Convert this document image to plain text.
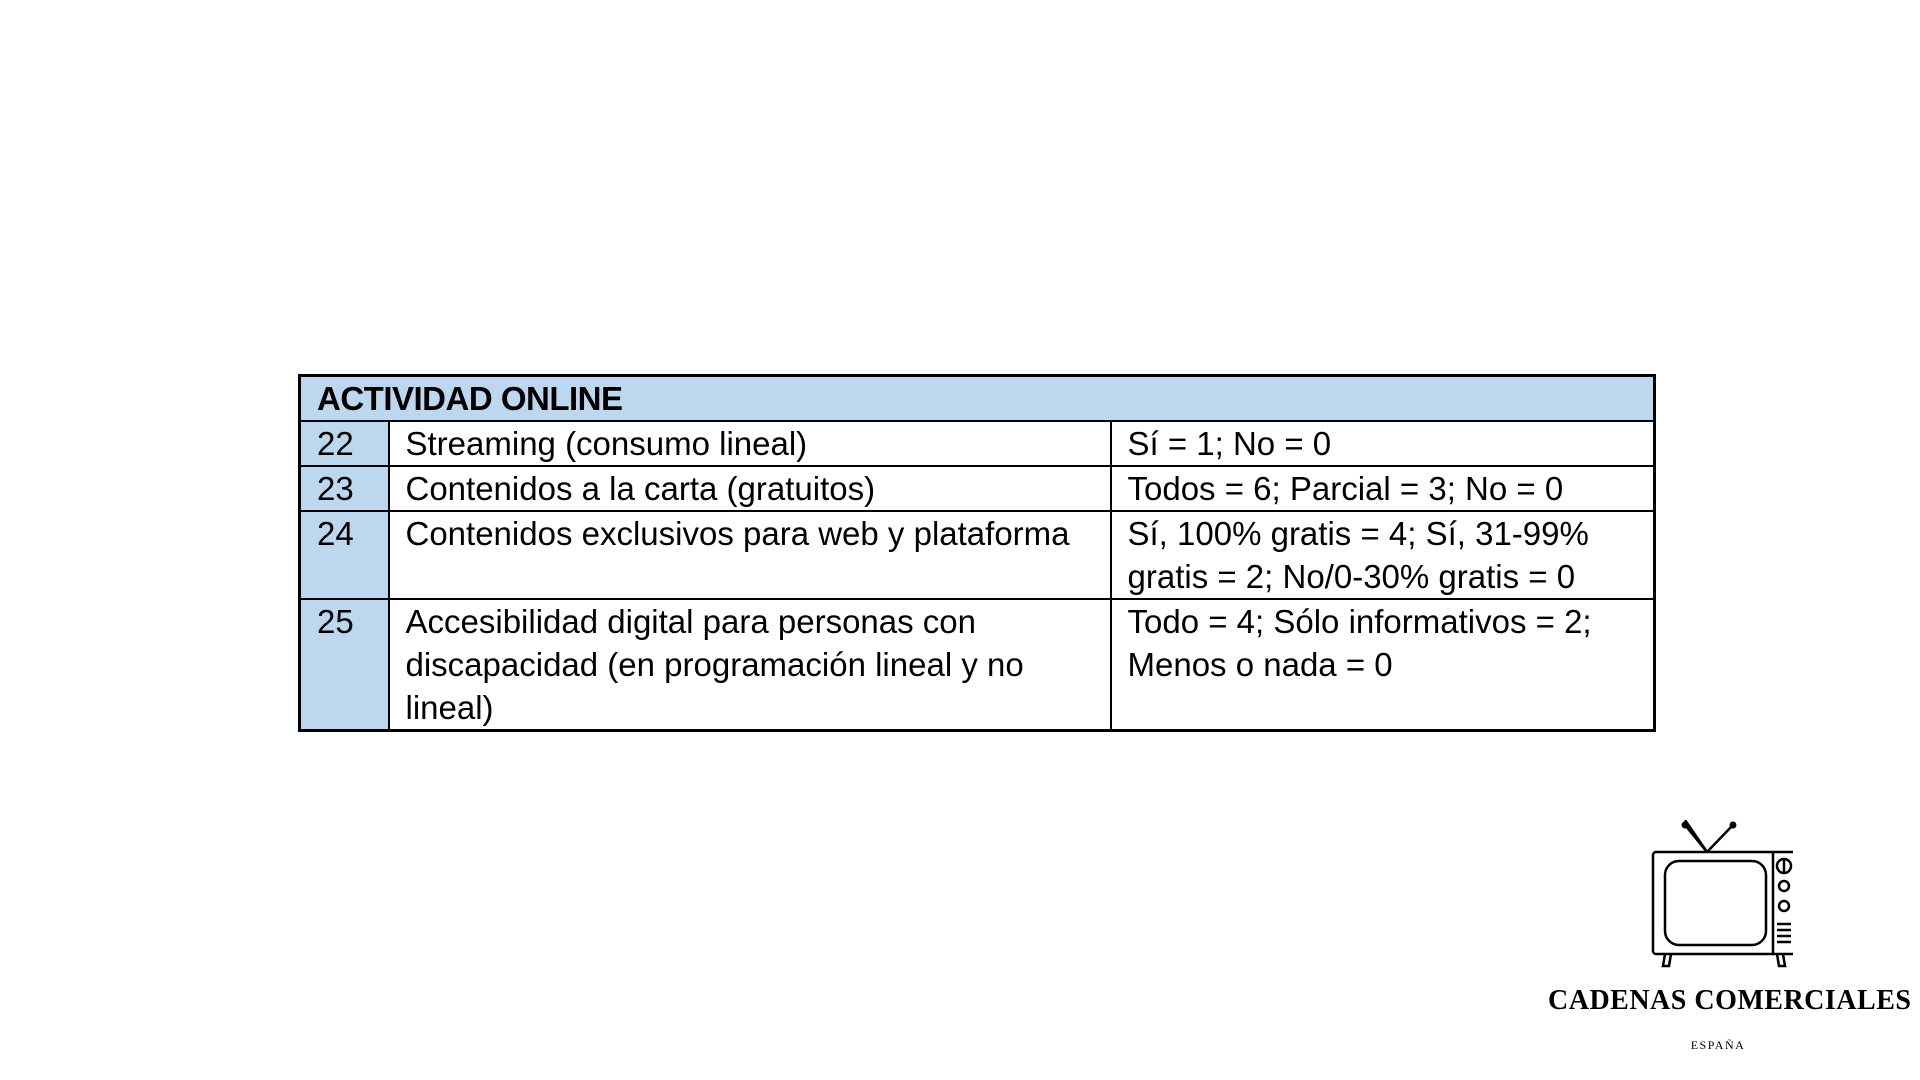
ACTIVIDAD ONLINE		
22	Streaming (consumo lineal)	Sí = 1; No = 0
23	Contenidos a la carta (gratuitos)	Todos = 6; Parcial = 3; No = 0
24	Contenidos exclusivos para web y plataforma	Sí, 100% gratis = 4; Sí, 31-99% gratis = 2; No/0-30% gratis = 0
25	Accesibilidad digital para personas con discapacidad (en programación lineal y no lineal)	Todo = 4; Sólo informativos = 2; Menos o nada = 0
CADENAS COMERCIALES
ESPAÑA
